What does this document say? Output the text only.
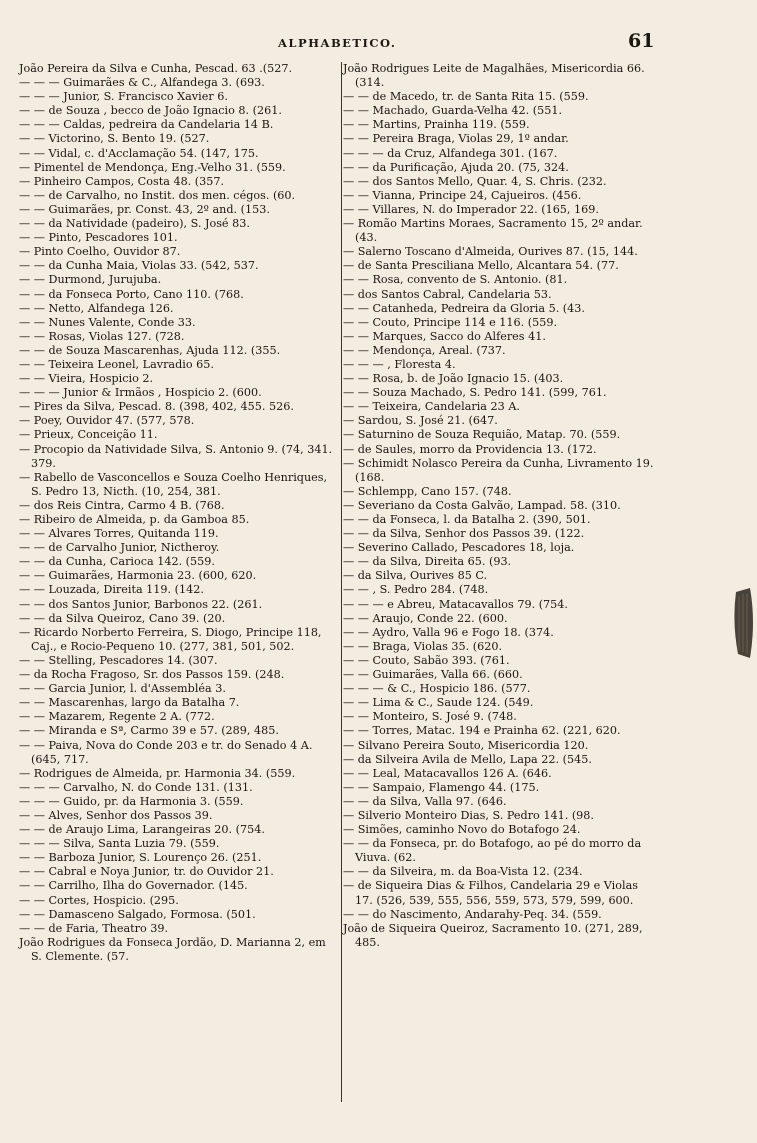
ALPHABETICO.	61

João Pereira da Silva e Cunha, Pescad. 63 .(527.

— — — Guimarães & C., Alfandega 3. (693.

— — — Junior, S. Francisco Xavier 6.

— — de Souza , becco de João Ignacio 8. (261.

— — — Caldas, pedreira da Candelaria 14 B.

— — Victorino, S. Bento 19. (527.

— — Vidal, c. d'Acclamação 54. (147, 175.

— Pimentel de Mendonça, Eng.-Velho 31. (559.

— Pinheiro Campos, Costa 48. (357.

— — de Carvalho, no Instit. dos men. cégos. (60.

— — Guimarães, pr. Const. 43, 2º and. (153.

— — da Natividade (padeiro), S. José 83.

— — Pinto, Pescadores 101.

— Pinto Coelho, Ouvidor 87.

— — da Cunha Maia, Violas 33. (542, 537.

— — Durmond, Jurujuba.

— — da Fonseca Porto, Cano 110. (768.

— — Netto, Alfandega 126.

— — Nunes Valente, Conde 33.

— — Rosas, Violas 127. (728.

— — de Souza Mascarenhas, Ajuda 112. (355.

— — Teixeira Leonel, Lavradio 65.

— — Vieira, Hospicio 2.

— — — Junior & Irmãos , Hospicio 2. (600.

— Pires da Silva, Pescad. 8. (398, 402, 455. 526.

— Poey, Ouvidor 47. (577, 578.

— Prieux, Conceição 11.

— Procopio da Natividade Silva, S. Antonio 9. (74, 341. 379.

— Rabello de Vasconcellos e Souza Coelho Henriques, S. Pedro 13, Nicth. (10, 254, 381.

— dos Reis Cintra, Carmo 4 B. (768.

— Ribeiro de Almeida, p. da Gamboa 85.

— — Alvares Torres, Quitanda 119.

— — de Carvalho Junior, Nictheroy.

— — da Cunha, Carioca 142. (559.

— — Guimarães, Harmonia 23. (600, 620.

— — Louzada, Direita 119. (142.

— — dos Santos Junior, Barbonos 22. (261.

— — da Silva Queiroz, Cano 39. (20.

— Ricardo Norberto Ferreira, S. Diogo, Principe 118, Caj., e Rocio-Pequeno 10. (277, 381, 501, 502.

— — Stelling, Pescadores 14. (307.

— da Rocha Fragoso, Sr. dos Passos 159. (248.

— — Garcia Junior, l. d'Assembléa 3.

— — Mascarenhas, largo da Batalha 7.

— — Mazarem, Regente 2 A. (772.

— — Miranda e Sª, Carmo 39 e 57. (289, 485.

— — Paiva, Nova do Conde 203 e tr. do Senado 4 A. (645, 717.

— Rodrigues de Almeida, pr. Harmonia 34. (559.

— — — Carvalho, N. do Conde 131. (131.

— — — Guido, pr. da Harmonia 3. (559.

— — Alves, Senhor dos Passos 39.

— — de Araujo Lima, Larangeiras 20. (754.

— — — Silva, Santa Luzia 79. (559.

— — Barboza Junior, S. Lourenço 26. (251.

— — Cabral e Noya Junior, tr. do Ouvidor 21.

— — Carrilho, Ilha do Governador. (145.

— — Cortes, Hospicio. (295.

— — Damasceno Salgado, Formosa. (501.

— — de Faria, Theatro 39.

João Rodrigues da Fonseca Jordão, D. Marianna 2, em S. Clemente. (57.

João Rodrigues Leite de Magalhães, Misericordia 66. (314.

— — de Macedo, tr. de Santa Rita 15. (559.

— — Machado, Guarda-Velha 42. (551.

— — Martins, Prainha 119. (559.

— — Pereira Braga, Violas 29, 1º andar.

— — — da Cruz, Alfandega 301. (167.

— — da Purificação, Ajuda 20. (75, 324.

— — dos Santos Mello, Quar. 4, S. Chris. (232.

— — Vianna, Principe 24, Cajueiros. (456.

— — Villares, N. do Imperador 22. (165, 169.

— Romão Martins Moraes, Sacramento 15, 2º andar. (43.

— Salerno Toscano d'Almeida, Ourives 87. (15, 144.

— de Santa Presciliana Mello, Alcantara 54. (77.

— — Rosa, convento de S. Antonio. (81.

— dos Santos Cabral, Candelaria 53.

— — Catanheda, Pedreira da Gloria 5. (43.

— — Couto, Principe 114 e 116. (559.

— — Marques, Sacco do Alferes 41.

— — Mendonça, Areal. (737.

— — — , Floresta 4.

— — Rosa, b. de João Ignacio 15. (403.

— — Souza Machado, S. Pedro 141. (599, 761.

— — Teixeira, Candelaria 23 A.

— Sardou, S. José 21. (647.

— Saturnino de Souza Requião, Matap. 70. (559.

— de Saules, morro da Providencia 13. (172.

— Schimidt Nolasco Pereira da Cunha, Livramento 19. (168.

— Schlempp, Cano 157. (748.

— Severiano da Costa Galvão, Lampad. 58. (310.

— — da Fonseca, l. da Batalha 2. (390, 501.

— — da Silva, Senhor dos Passos 39. (122.

— Severino Callado, Pescadores 18, loja.

— — da Silva, Direita 65. (93.

— da Silva, Ourives 85 C.

— — , S. Pedro 284. (748.

— — — e Abreu, Matacavallos 79. (754.

— — Araujo, Conde 22. (600.

— — Aydro, Valla 96 e Fogo 18. (374.

— — Braga, Violas 35. (620.

— — Couto, Sabão 393. (761.

— — Guimarães, Valla 66. (660.

— — — & C., Hospicio 186. (577.

— — Lima & C., Saude 124. (549.

— — Monteiro, S. José 9. (748.

— — Torres, Matac. 194 e Prainha 62. (221, 620.

— Silvano Pereira Souto, Misericordia 120.

— da Silveira Avila de Mello, Lapa 22. (545.

— — Leal, Matacavallos 126 A. (646.

— — Sampaio, Flamengo 44. (175.

— — da Silva, Valla 97. (646.

— Silverio Monteiro Dias, S. Pedro 141. (98.

— Simões, caminho Novo do Botafogo 24.

— — da Fonseca, pr. do Botafogo, ao pé do morro da Viuva. (62.

— — da Silveira, m. da Boa-Vista 12. (234.

— de Siqueira Dias & Filhos, Candelaria 29 e Violas 17. (526, 539, 555, 556, 559, 573, 579, 599, 600.

— — do Nascimento, Andarahy-Peq. 34. (559.

João de Siqueira Queiroz, Sacramento 10. (271, 289, 485.
